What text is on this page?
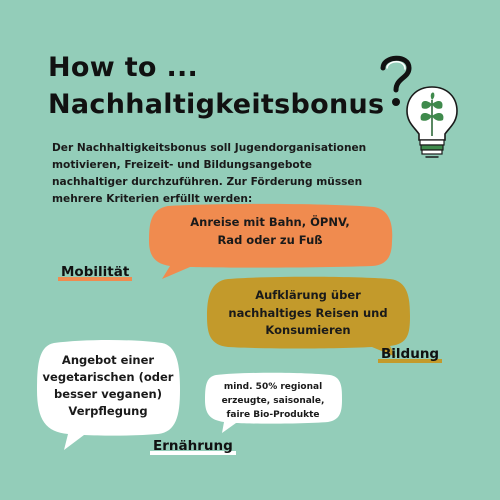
How to ...
Nachhaltigkeitsbonus

Der Nachhaltigkeitsbonus soll Jugendorganisationen motivieren, Freizeit- und Bildungsangebote nachhaltiger durchzuführen. Zur Förderung müssen mehrere Kriterien erfüllt werden:

Anreise mit Bahn, ÖPNV,
Rad oder zu Fuß
Aufklärung über
nachhaltiges Reisen und
Konsumieren
Angebot einer
vegetarischen (oder
besser veganen)
Verpflegung
mind. 50% regional
erzeugte, saisonale,
faire Bio-Produkte
Mobilität
Bildung
Ernährung
